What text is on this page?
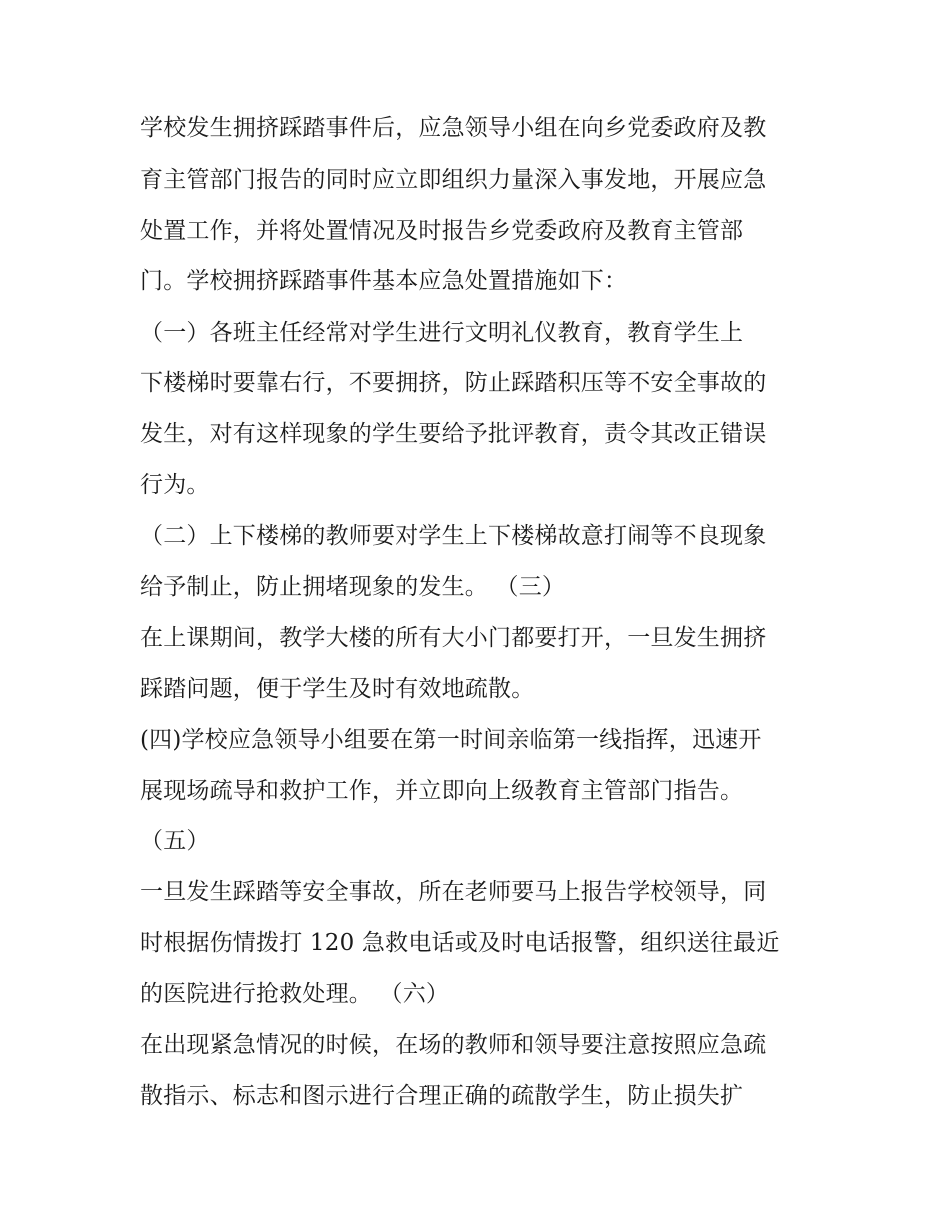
学校发生拥挤踩踏事件后，应急领导小组在向乡党委政府及教
育主管部门报告的同时应立即组织力量深入事发地，开展应急
处置工作，并将处置情况及时报告乡党委政府及教育主管部
门。学校拥挤踩踏事件基本应急处置措施如下：
（一）各班主任经常对学生进行文明礼仪教育，教育学生上
下楼梯时要靠右行，不要拥挤，防止踩踏积压等不安全事故的
发生，对有这样现象的学生要给予批评教育，责令其改正错误
行为。
（二）上下楼梯的教师要对学生上下楼梯故意打闹等不良现象
给予制止，防止拥堵现象的发生。 （三）
在上课期间，教学大楼的所有大小门都要打开，一旦发生拥挤
踩踏问题，便于学生及时有效地疏散。
(四)学校应急领导小组要在第一时间亲临第一线指挥，迅速开
展现场疏导和救护工作，并立即向上级教育主管部门指告。
（五）
一旦发生踩踏等安全事故，所在老师要马上报告学校领导，同
时根据伤情拨打 120 急救电话或及时电话报警，组织送往最近
的医院进行抢救处理。 （六）
在出现紧急情况的时候，在场的教师和领导要注意按照应急疏
散指示、标志和图示进行合理正确的疏散学生，防止损失扩
